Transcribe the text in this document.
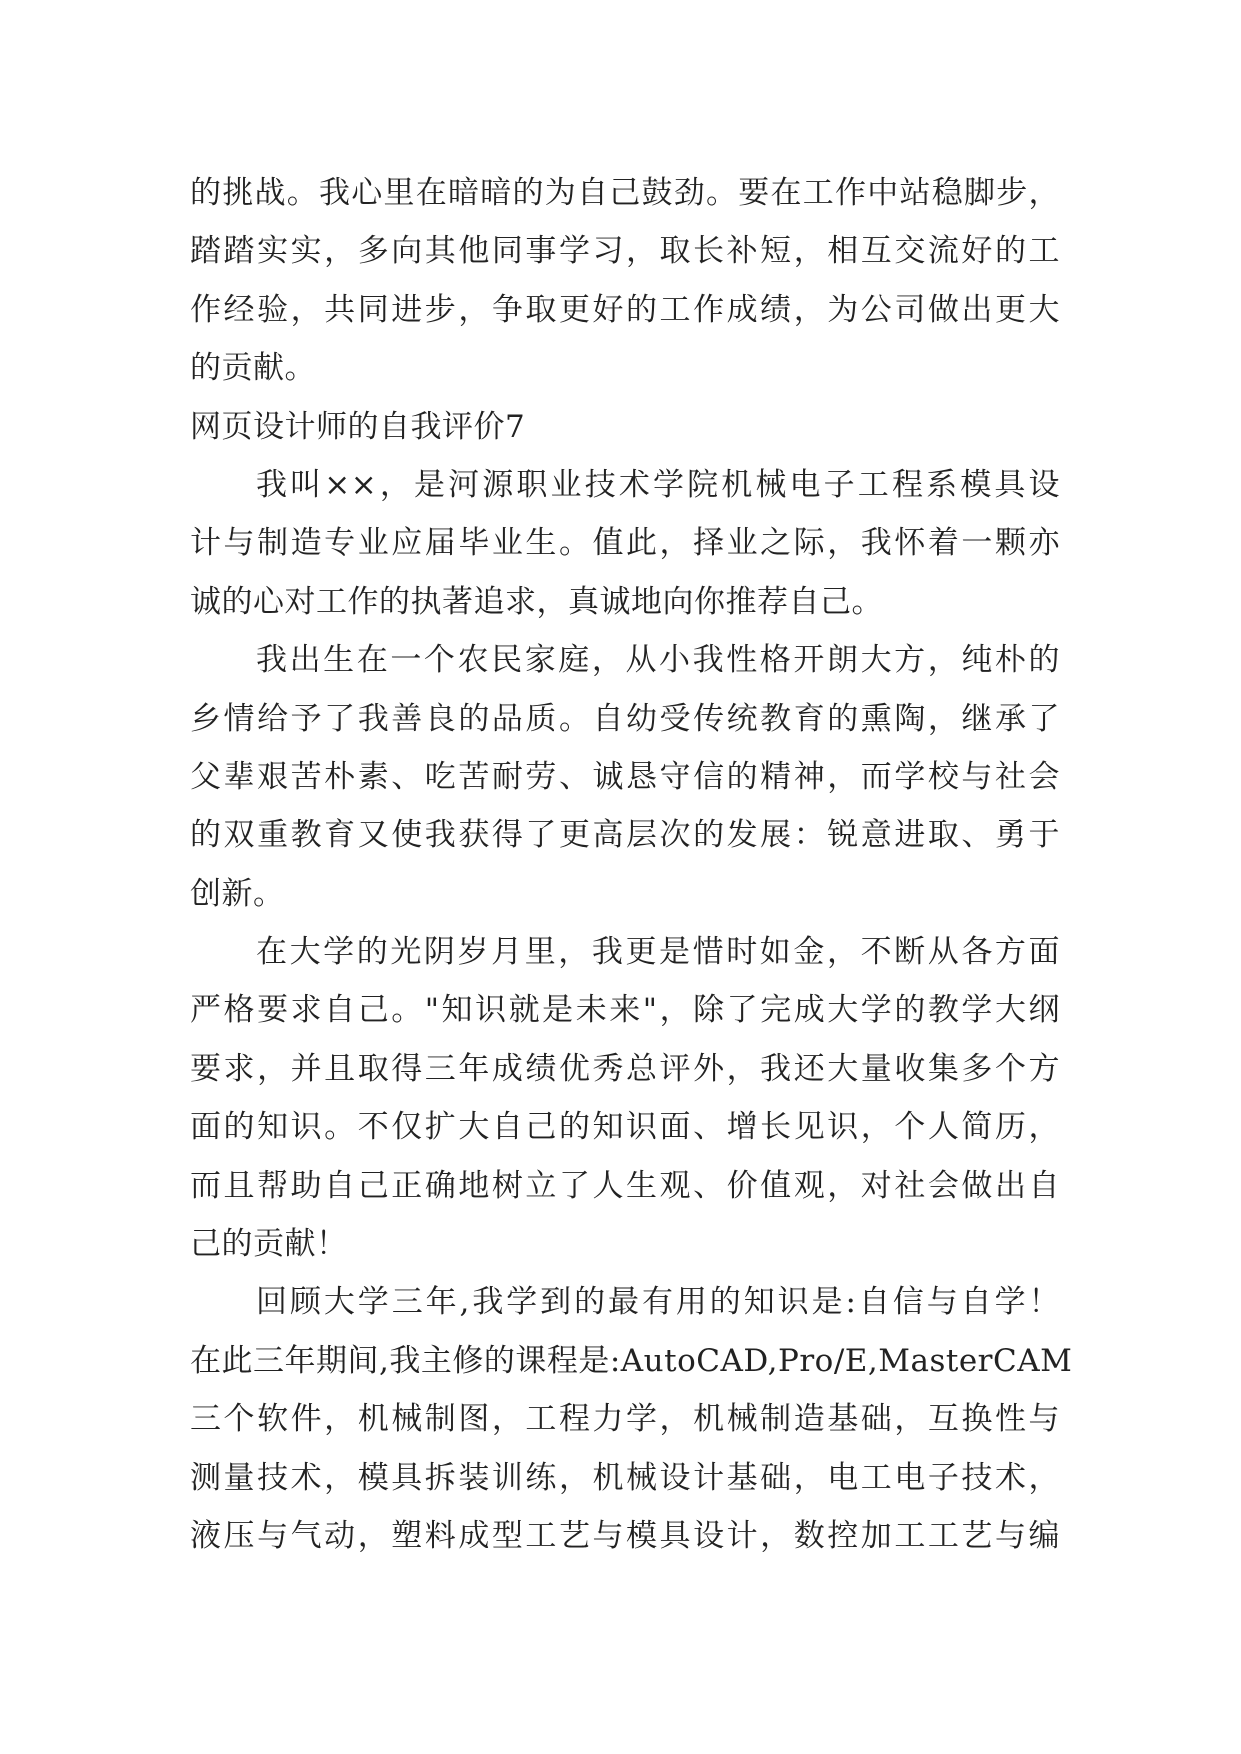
的挑战。我心里在暗暗的为自己鼓劲。要在工作中站稳脚步，
踏踏实实，多向其他同事学习，取长补短，相互交流好的工
作经验，共同进步，争取更好的工作成绩，为公司做出更大
的贡献。
网页设计师的自我评价7
我叫××，是河源职业技术学院机械电子工程系模具设
计与制造专业应届毕业生。值此，择业之际，我怀着一颗亦
诚的心对工作的执著追求，真诚地向你推荐自己。
我出生在一个农民家庭，从小我性格开朗大方，纯朴的
乡情给予了我善良的品质。自幼受传统教育的熏陶，继承了
父辈艰苦朴素、吃苦耐劳、诚恳守信的精神，而学校与社会
的双重教育又使我获得了更高层次的发展：锐意进取、勇于
创新。
在大学的光阴岁月里，我更是惜时如金，不断从各方面
严格要求自己。"知识就是未来"，除了完成大学的教学大纲
要求，并且取得三年成绩优秀总评外，我还大量收集多个方
面的知识。不仅扩大自己的知识面、增长见识，个人简历，
而且帮助自己正确地树立了人生观、价值观，对社会做出自
己的贡献！
回顾大学三年,我学到的最有用的知识是:自信与自学！
在此三年期间,我主修的课程是:AutoCAD,Pro/E,MasterCAM
三个软件，机械制图，工程力学，机械制造基础，互换性与
测量技术，模具拆装训练，机械设计基础，电工电子技术，
液压与气动，塑料成型工艺与模具设计，数控加工工艺与编
